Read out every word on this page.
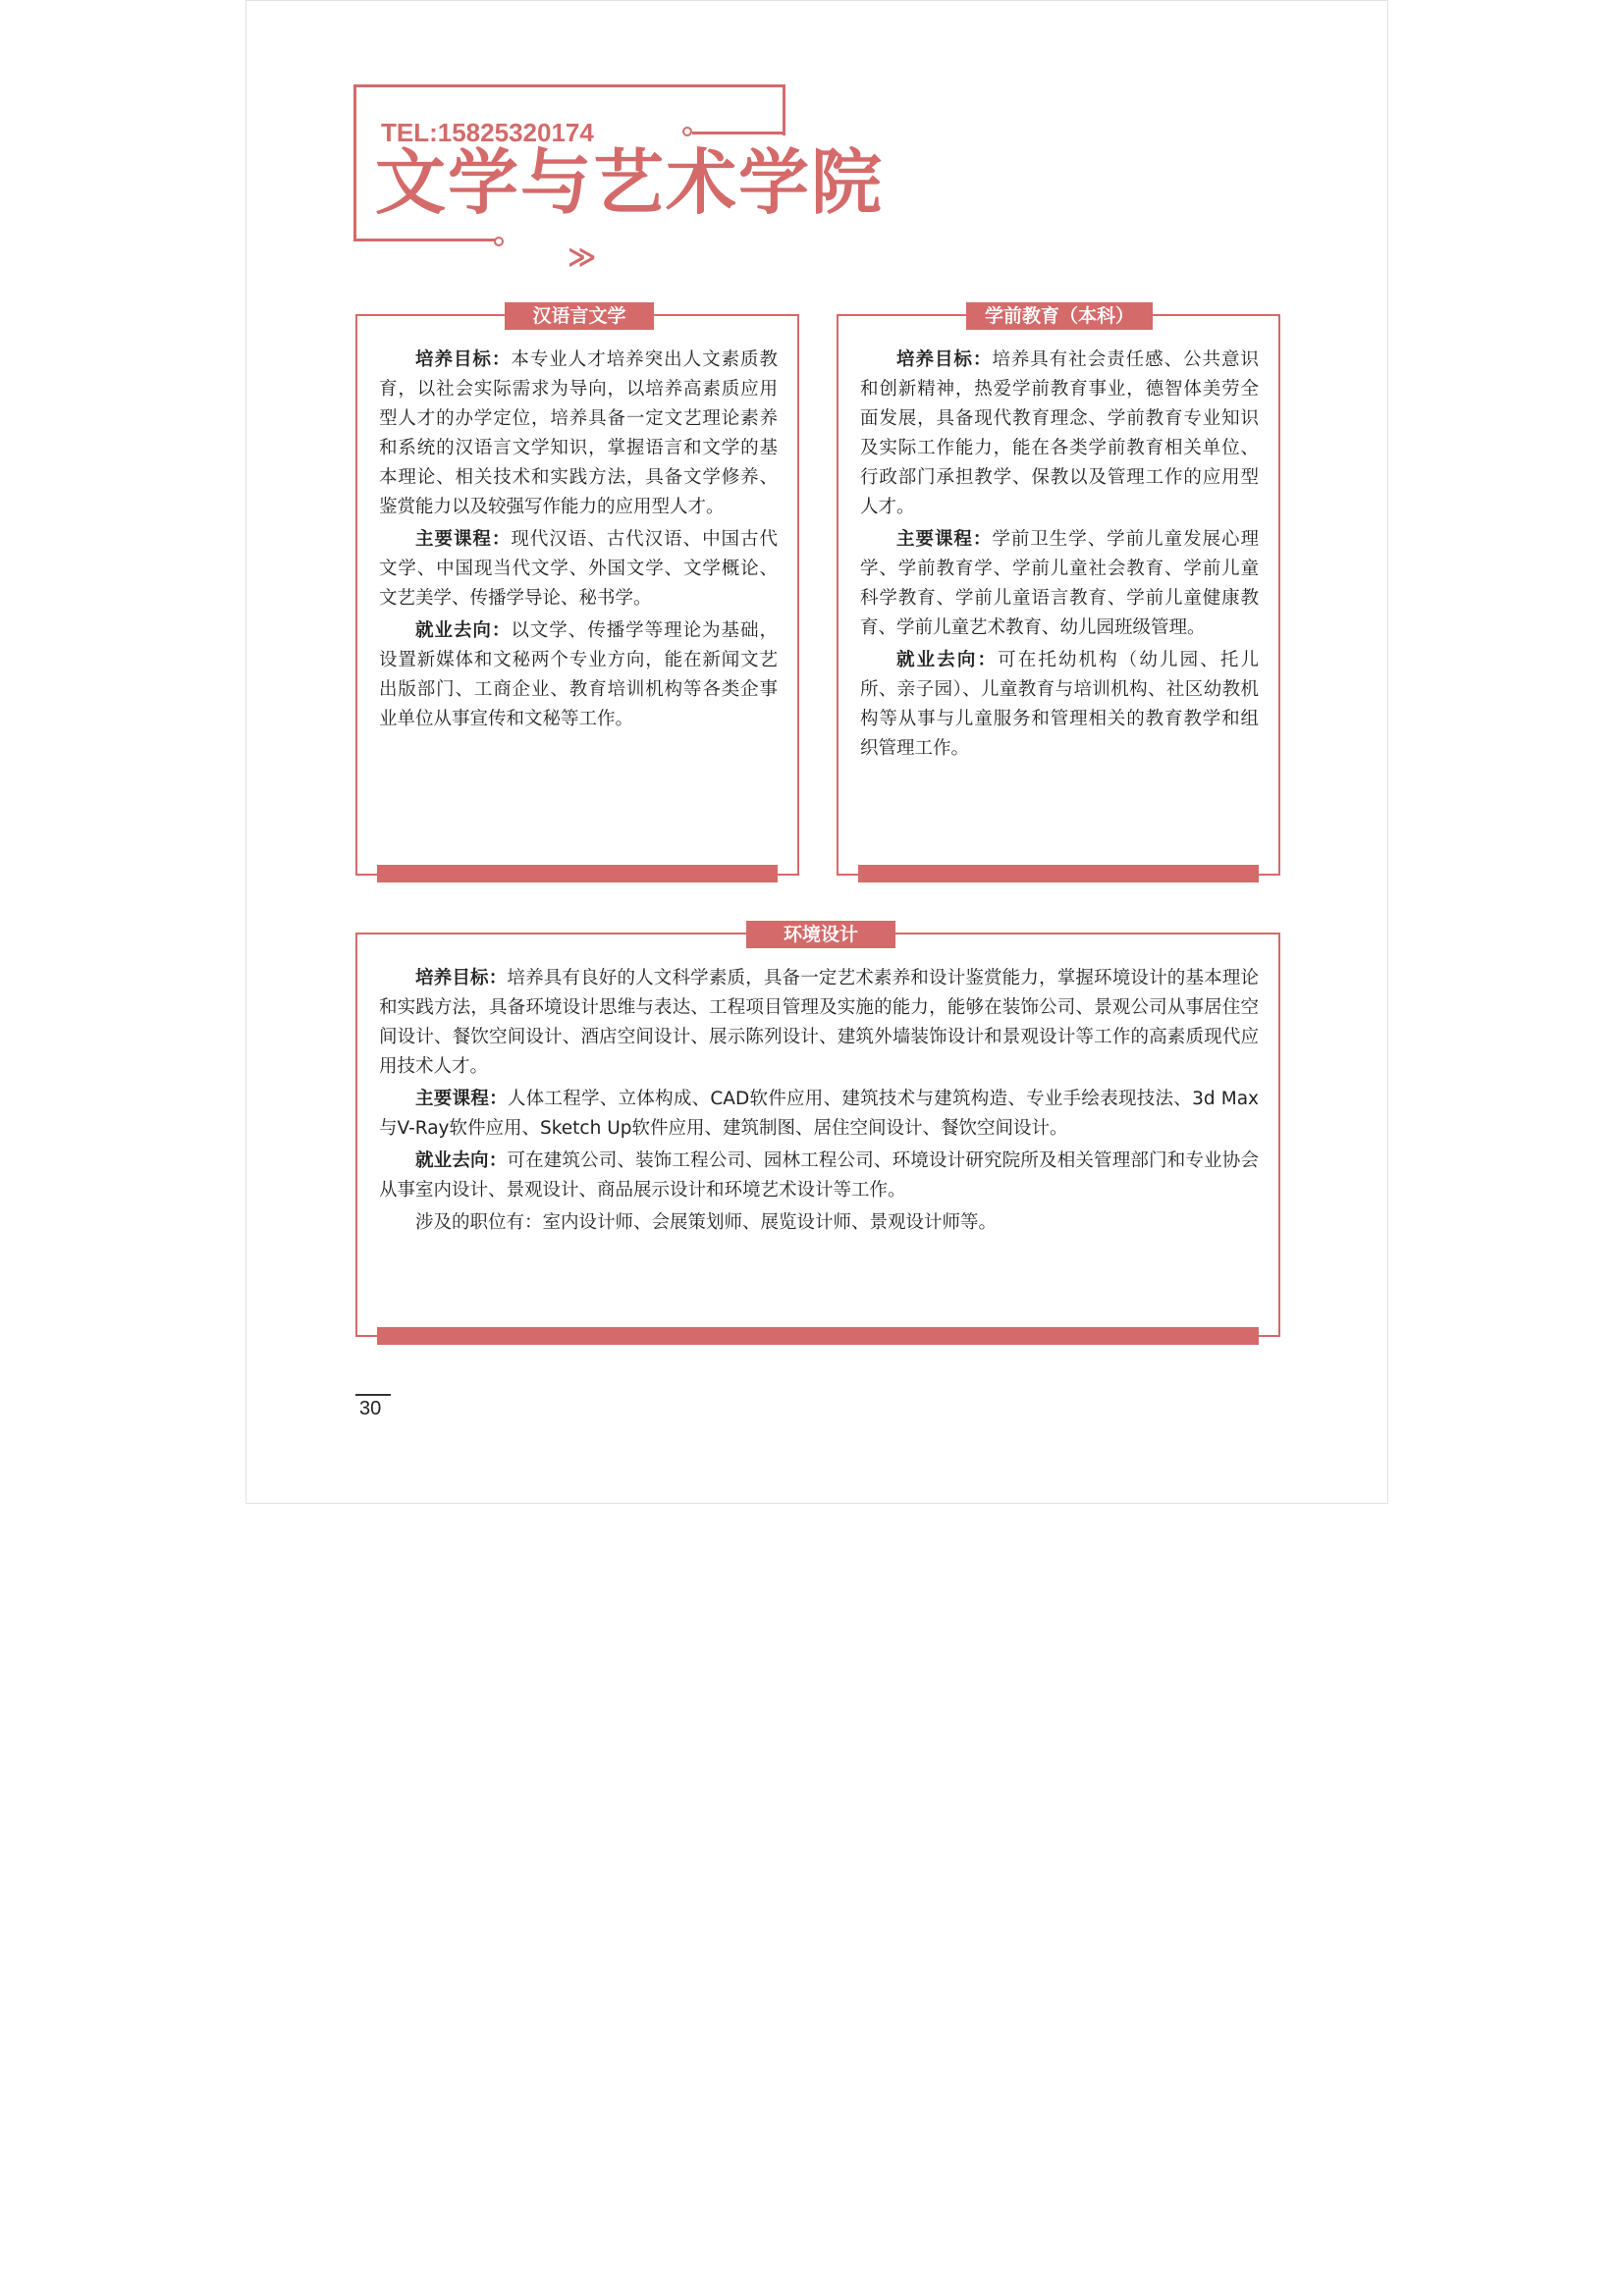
TEL:15825320174
文学与艺术学院
≫
汉语言文学

培养目标：本专业人才培养突出人文素质教育，以社会实际需求为导向，以培养高素质应用型人才的办学定位，培养具备一定文艺理论素养和系统的汉语言文学知识，掌握语言和文学的基本理论、相关技术和实践方法，具备文学修养、鉴赏能力以及较强写作能力的应用型人才。

主要课程：现代汉语、古代汉语、中国古代文学、中国现当代文学、外国文学、文学概论、文艺美学、传播学导论、秘书学。

就业去向：以文学、传播学等理论为基础，设置新媒体和文秘两个专业方向，能在新闻文艺出版部门、工商企业、教育培训机构等各类企事业单位从事宣传和文秘等工作。

学前教育（本科）

培养目标：培养具有社会责任感、公共意识和创新精神，热爱学前教育事业，德智体美劳全面发展，具备现代教育理念、学前教育专业知识及实际工作能力，能在各类学前教育相关单位、行政部门承担教学、保教以及管理工作的应用型人才。

主要课程：学前卫生学、学前儿童发展心理学、学前教育学、学前儿童社会教育、学前儿童科学教育、学前儿童语言教育、学前儿童健康教育、学前儿童艺术教育、幼儿园班级管理。

就业去向：可在托幼机构（幼儿园、托儿所、亲子园）、儿童教育与培训机构、社区幼教机构等从事与儿童服务和管理相关的教育教学和组织管理工作。

环境设计

培养目标：培养具有良好的人文科学素质，具备一定艺术素养和设计鉴赏能力，掌握环境设计的基本理论和实践方法，具备环境设计思维与表达、工程项目管理及实施的能力，能够在装饰公司、景观公司从事居住空间设计、餐饮空间设计、酒店空间设计、展示陈列设计、建筑外墙装饰设计和景观设计等工作的高素质现代应用技术人才。

主要课程：人体工程学、立体构成、CAD软件应用、建筑技术与建筑构造、专业手绘表现技法、3d Max与V-Ray软件应用、Sketch Up软件应用、建筑制图、居住空间设计、餐饮空间设计。

就业去向：可在建筑公司、装饰工程公司、园林工程公司、环境设计研究院所及相关管理部门和专业协会从事室内设计、景观设计、商品展示设计和环境艺术设计等工作。

涉及的职位有：室内设计师、会展策划师、展览设计师、景观设计师等。

30
